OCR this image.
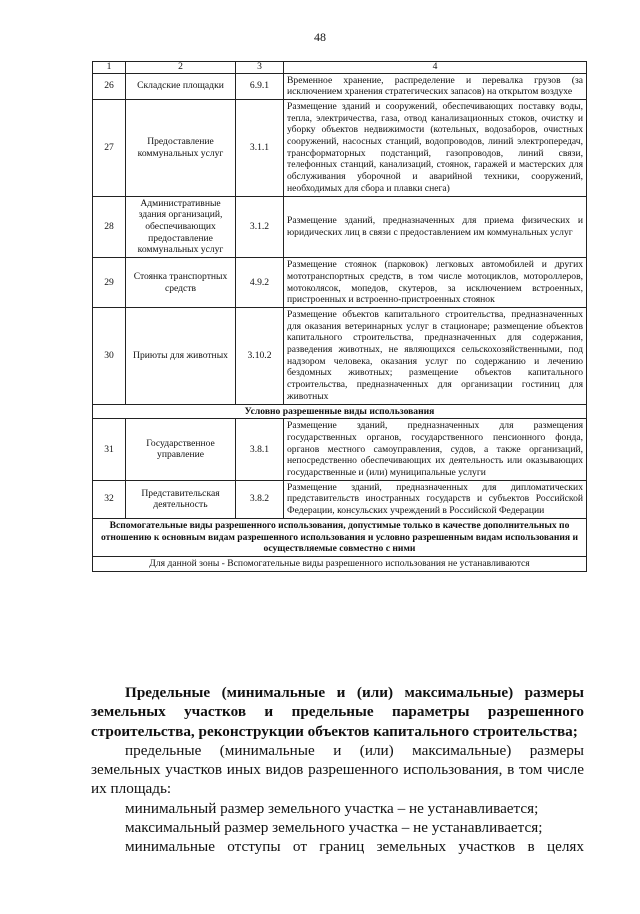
48
1	2	3	4
26	Складские площадки	6.9.1	Временное хранение, распределение и перевалка грузов (за исключением хранения стратегических запасов) на открытом воздухе
27	Предоставление коммунальных услуг	3.1.1	Размещение зданий и сооружений, обеспечивающих поставку воды, тепла, электричества, газа, отвод канализационных стоков, очистку и уборку объектов недвижимости (котельных, водозаборов, очистных сооружений, насосных станций, водопроводов, линий электропередач, трансформаторных подстанций, газопроводов, линий связи, телефонных станций, канализаций, стоянок, гаражей и мастерских для обслуживания уборочной и аварийной техники, сооружений, необходимых для сбора и плавки снега)
28	Административные здания организаций, обеспечивающих предоставление коммунальных услуг	3.1.2	Размещение зданий, предназначенных для приема физических и юридических лиц в связи с предоставлением им коммунальных услуг
29	Стоянка транспортных средств	4.9.2	Размещение стоянок (парковок) легковых автомобилей и других мототранспортных средств, в том числе мотоциклов, мотороллеров, мотоколясок, мопедов, скутеров, за исключением встроенных, пристроенных и встроенно-пристроенных стоянок
30	Приюты для животных	3.10.2	Размещение объектов капитального строительства, предназначенных для оказания ветеринарных услуг в стационаре; размещение объектов капитального строительства, предназначенных для содержания, разведения животных, не являющихся сельскохозяйственными, под надзором человека, оказания услуг по содержанию и лечению бездомных животных; размещение объектов капитального строительства, предназначенных для организации гостиниц для животных
Условно разрешенные виды использования			
31	Государственное управление	3.8.1	Размещение зданий, предназначенных для размещения государственных органов, государственного пенсионного фонда, органов местного самоуправления, судов, а также организаций, непосредственно обеспечивающих их деятельность или оказывающих государственные и (или) муниципальные услуги
32	Представительская деятельность	3.8.2	Размещение зданий, предназначенных для дипломатических представительств иностранных государств и субъектов Российской Федерации, консульских учреждений в Российской Федерации
Вспомогательные виды разрешенного использования, допустимые только в качестве дополнительных по отношению к основным видам разрешенного использования и условно разрешенным видам использования и осуществляемые совместно с ними			
Для данной зоны - Вспомогательные виды разрешенного использования не устанавливаются			

Предельные (минимальные и (или) максимальные) размеры земельных участков и предельные параметры разрешенного строительства, реконструкции объектов капитального строительства;

предельные (минимальные и (или) максимальные) размеры земельных участков иных видов разрешенного использования, в том числе их площадь:

минимальный размер земельного участка – не устанавливается;

максимальный размер земельного участка – не устанавливается;

минимальные отступы от границ земельных участков в целях
